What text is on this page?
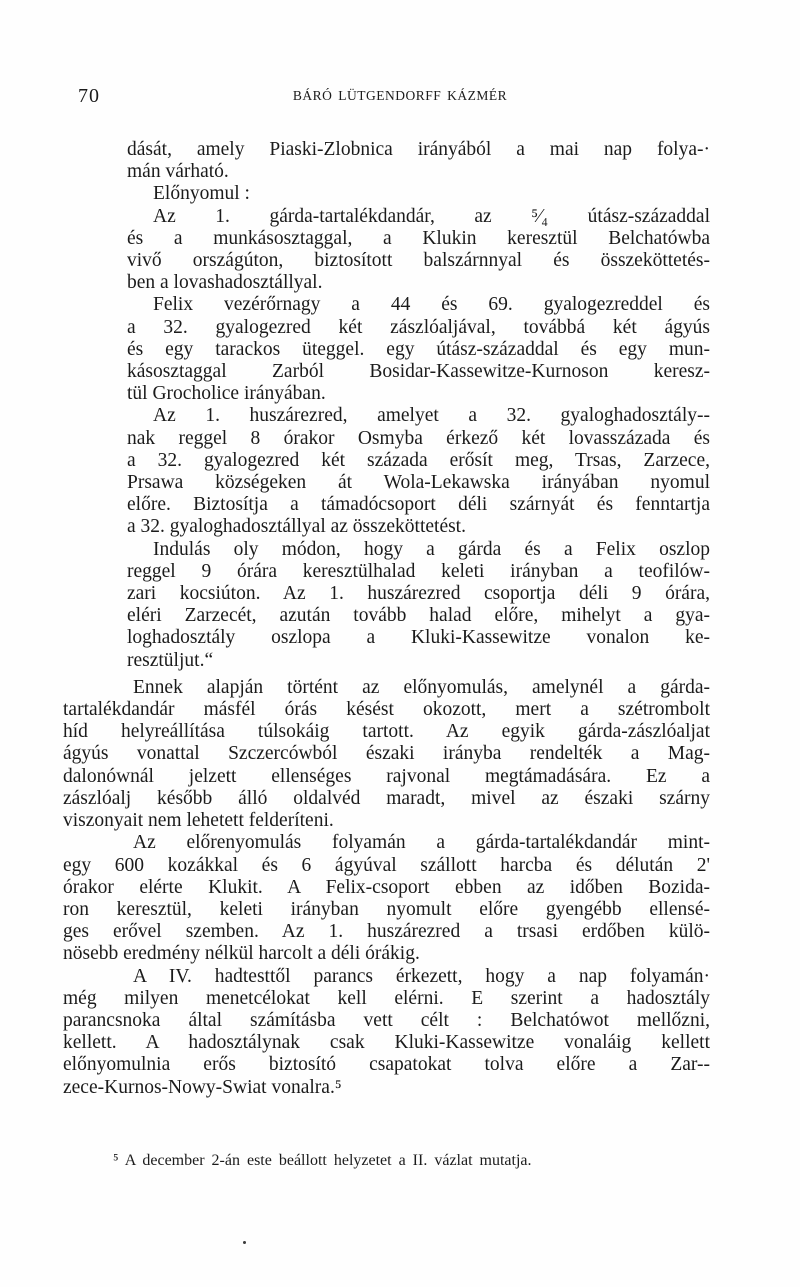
70	BÁRÓ LÜTGENDORFF KÁZMÉR
dását, amely Piaski-Zlobnica irányából a mai nap folya-·
mán várható.
Előnyomul :
Az 1. gárda-tartalékdandár, az ⁵⁄₄ útász-századdal
és a munkásosztaggal, a Klukin keresztül Belchatówba
vivő országúton, biztosított balszárnnyal és összeköttetés-
ben a lovashadosztállyal.
Felix vezérőrnagy a 44 és 69. gyalogezreddel és
a 32. gyalogezred két zászlóaljával, továbbá két ágyús
és egy tarackos üteggel. egy útász-századdal és egy mun-
kásosztaggal Zarból Bosidar-Kassewitze-Kurnoson keresz-
tül Grocholice irányában.
Az 1. huszárezred, amelyet a 32. gyaloghadosztály--
nak reggel 8 órakor Osmyba érkező két lovasszázada és
a 32. gyalogezred két százada erősít meg, Trsas, Zarzece,
Prsawa községeken át Wola-Lekawska irányában nyomul
előre. Biztosítja a támadócsoport déli szárnyát és fenntartja
a 32. gyaloghadosztállyal az összeköttetést.
Indulás oly módon, hogy a gárda és a Felix oszlop
reggel 9 órára keresztülhalad keleti irányban a teofilów-
zari kocsiúton. Az 1. huszárezred csoportja déli 9 órára,
eléri Zarzecét, azután tovább halad előre, mihelyt a gya-
loghadosztály oszlopa a Kluki-Kassewitze vonalon ke-
resztüljut.“
Ennek alapján történt az előnyomulás, amelynél a gárda-
tartalékdandár másfél órás késést okozott, mert a szétrombolt
híd helyreállítása túlsokáig tartott. Az egyik gárda-zászlóaljat
ágyús vonattal Szczercówból északi irányba rendelték a Mag-
dalonównál jelzett ellenséges rajvonal megtámadására. Ez a
zászlóalj később álló oldalvéd maradt, mivel az északi szárny
viszonyait nem lehetett felderíteni.
Az előrenyomulás folyamán a gárda-tartalékdandár mint-
egy 600 kozákkal és 6 ágyúval szállott harcba és délután 2'
órakor elérte Klukit. A Felix-csoport ebben az időben Bozida-
ron keresztül, keleti irányban nyomult előre gyengébb ellensé-
ges erővel szemben. Az 1. huszárezred a trsasi erdőben külö-
nösebb eredmény nélkül harcolt a déli órákig.
A IV. hadtesttől parancs érkezett, hogy a nap folyamán·
még milyen menetcélokat kell elérni. E szerint a hadosztály
parancsnoka által számításba vett célt : Belchatówot mellőzni,
kellett. A hadosztálynak csak Kluki-Kassewitze vonaláig kellett
előnyomulnia erős biztosító csapatokat tolva előre a Zar--
zece-Kurnos-Nowy-Swiat vonalra.⁵
⁵ A december 2-án este beállott helyzetet a II. vázlat mutatja.
